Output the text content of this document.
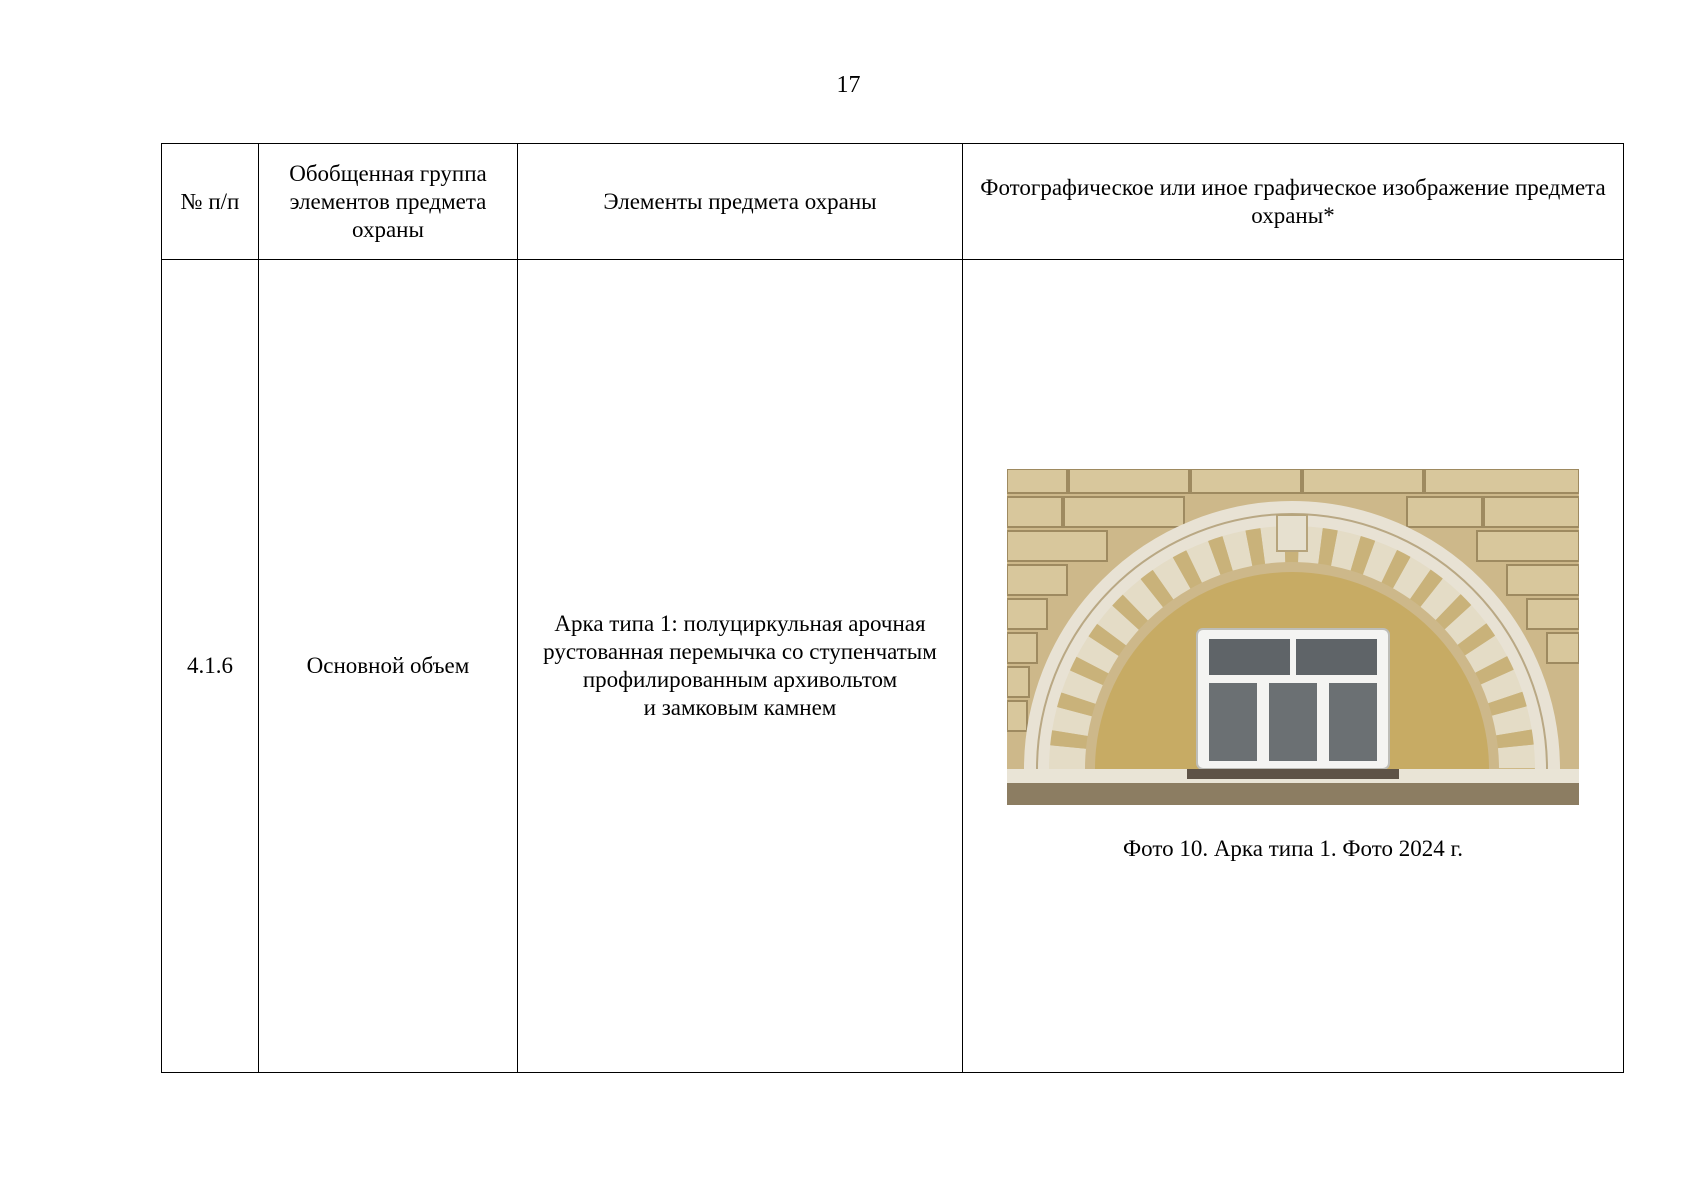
17
№ п/п	Обобщенная группа элементов предмета охраны	Элементы предмета охраны	Фотографическое или иное графическое изображение предмета охраны*
4.1.6	Основной объем	Арка типа 1: полуциркульная арочная
рустованная перемычка со ступенчатым
профилированным архивольтом
и замковым камнем	Фото 10. Арка типа 1. Фото 2024 г.
